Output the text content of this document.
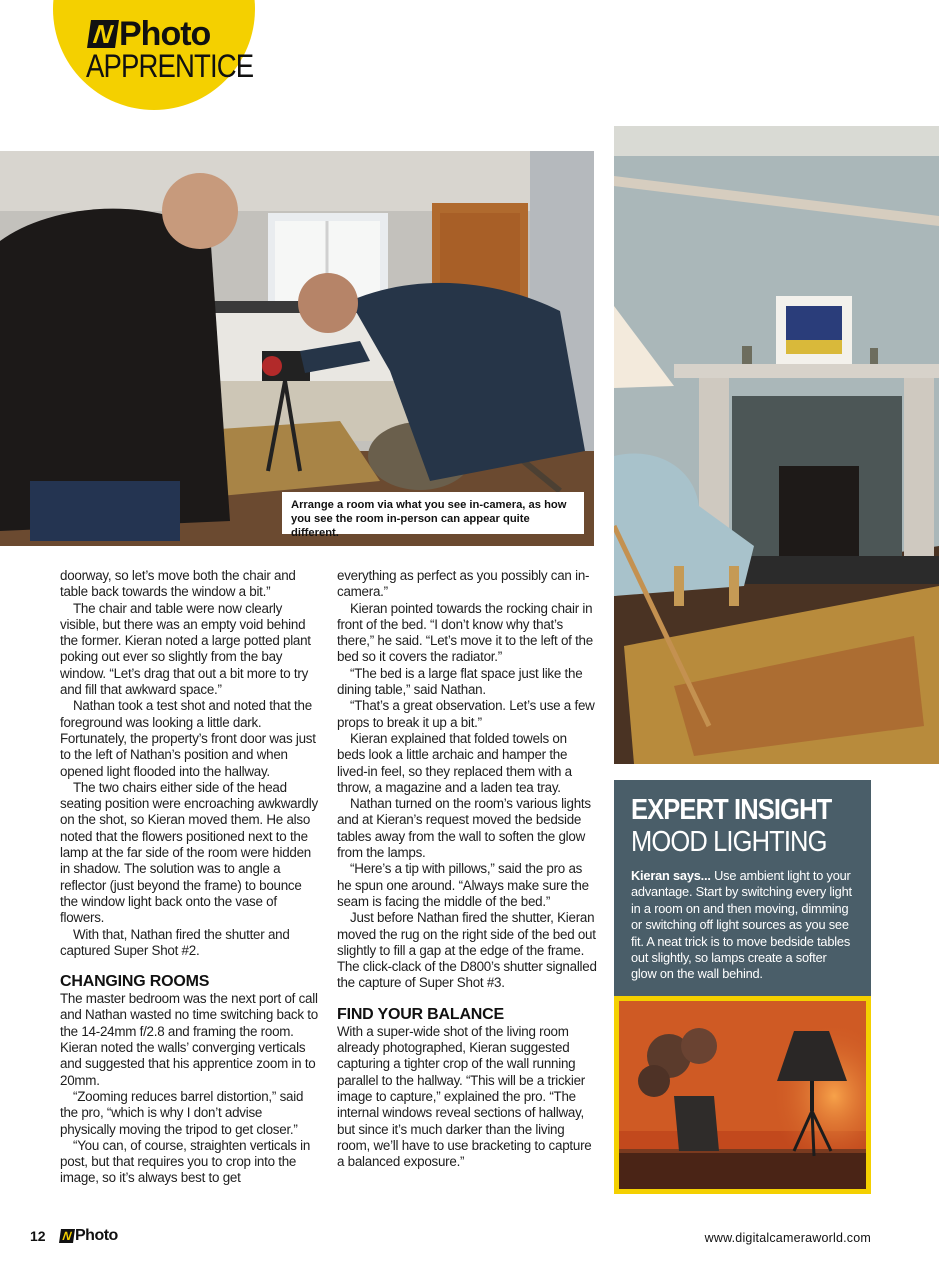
N Photo
APPRENTICE
Arrange a room via what you see in-camera, as how you see the room in-person can appear quite different.

doorway, so let’s move both the chair and table back towards the window a bit.”

The chair and table were now clearly visible, but there was an empty void behind the former. Kieran noted a large potted plant poking out ever so slightly from the bay window. “Let’s drag that out a bit more to try and fill that awkward space.”

Nathan took a test shot and noted that the foreground was looking a little dark. Fortunately, the property’s front door was just to the left of Nathan’s position and when opened light flooded into the hallway.

The two chairs either side of the head seating position were encroaching awkwardly on the shot, so Kieran moved them. He also noted that the flowers positioned next to the lamp at the far side of the room were hidden in shadow. The solution was to angle a reflector (just beyond the frame) to bounce the window light back onto the vase of flowers.

With that, Nathan fired the shutter and captured Super Shot #2.

CHANGING ROOMS

The master bedroom was the next port of call and Nathan wasted no time switching back to the 14-24mm f/2.8 and framing the room. Kieran noted the walls’ converging verticals and suggested that his apprentice zoom in to 20mm.

“Zooming reduces barrel distortion,” said the pro, “which is why I don’t advise physically moving the tripod to get closer.”

“You can, of course, straighten verticals in post, but that requires you to crop into the image, so it’s always best to get

everything as perfect as you possibly can in-camera.”

Kieran pointed towards the rocking chair in front of the bed. “I don’t know why that’s there,” he said. “Let’s move it to the left of the bed so it covers the radiator.”

“The bed is a large flat space just like the dining table,” said Nathan.

“That’s a great observation. Let’s use a few props to break it up a bit.”

Kieran explained that folded towels on beds look a little archaic and hamper the lived-in feel, so they replaced them with a throw, a magazine and a laden tea tray.

Nathan turned on the room’s various lights and at Kieran’s request moved the bedside tables away from the wall to soften the glow from the lamps.

“Here’s a tip with pillows,” said the pro as he spun one around. “Always make sure the seam is facing the middle of the bed.”

Just before Nathan fired the shutter, Kieran moved the rug on the right side of the bed out slightly to fill a gap at the edge of the frame. The click-clack of the D800’s shutter signalled the capture of Super Shot #3.

FIND YOUR BALANCE

With a super-wide shot of the living room already photographed, Kieran suggested capturing a tighter crop of the wall running parallel to the hallway. “This will be a trickier image to capture,” explained the pro. “The internal windows reveal sections of hallway, but since it’s much darker than the living room, we’ll have to use bracketing to capture a balanced exposure.”

EXPERT INSIGHT
MOOD LIGHTING
Kieran says... Use ambient light to your advantage. Start by switching every light in a room on and then moving, dimming or switching off light sources as you see fit. A neat trick is to move bedside tables out slightly, so lamps create a softer glow on the wall behind.
12 N Photo	www.digitalcameraworld.com
